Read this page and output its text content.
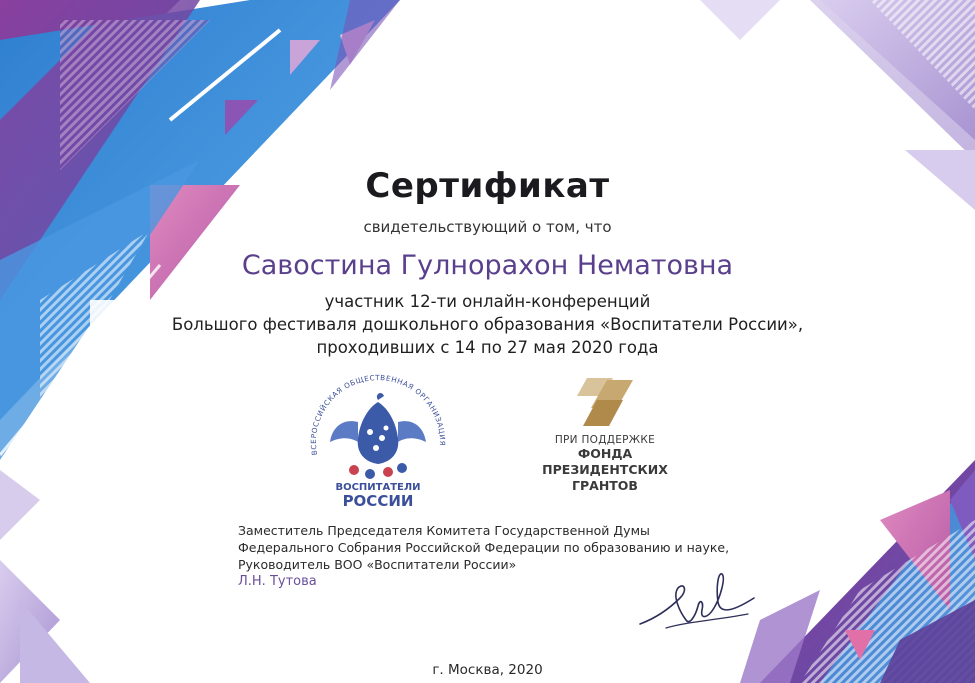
Сертификат
свидетельствующий о том, что
Савостина Гулнорахон Нематовна
участник 12-ти онлайн-конференций
Большого фестиваля дошкольного образования «Воспитатели России»,
проходивших с 14 по 27 мая 2020 года
ВСЕРОССИЙСКАЯ ОБЩЕСТВЕННАЯ ОРГАНИЗАЦИЯ
ВОСПИТАТЕЛИ
РОССИИ
ПРИ ПОДДЕРЖКЕ
ФОНДА
ПРЕЗИДЕНТСКИХ
ГРАНТОВ
Заместитель Председателя Комитета Государственной Думы
Федерального Собрания Российской Федерации по образованию и науке,
Руководитель ВОО «Воспитатели России»
Л.Н. Тутова
г. Москва, 2020
